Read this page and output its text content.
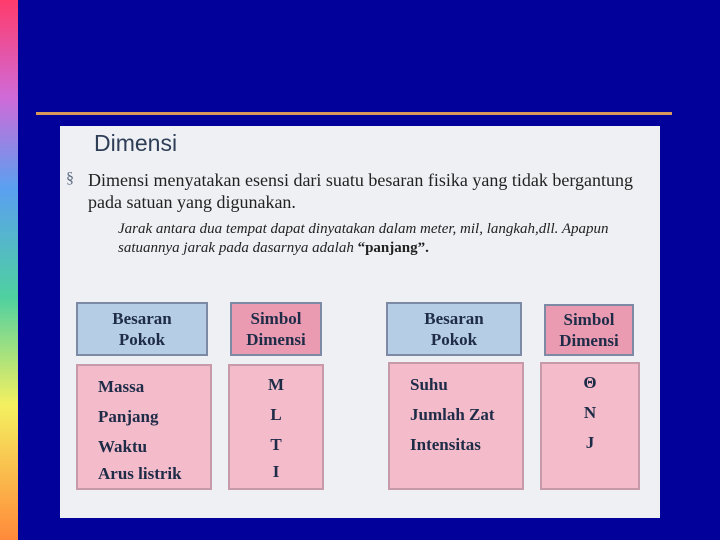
Dimensi
§ Dimensi menyatakan esensi dari suatu besaran fisika yang tidak bergantung pada satuan yang digunakan.
Jarak antara dua tempat dapat dinyatakan dalam meter, mil, langkah,dll. Apapun satuannya jarak pada dasarnya adalah “panjang”.
Besaran
Pokok
Simbol
Dimensi
Massa
Panjang
Waktu
Arus listrik
M
L
T
I
Besaran
Pokok
Simbol
Dimensi
Suhu
Jumlah Zat
Intensitas
Θ
N
J
